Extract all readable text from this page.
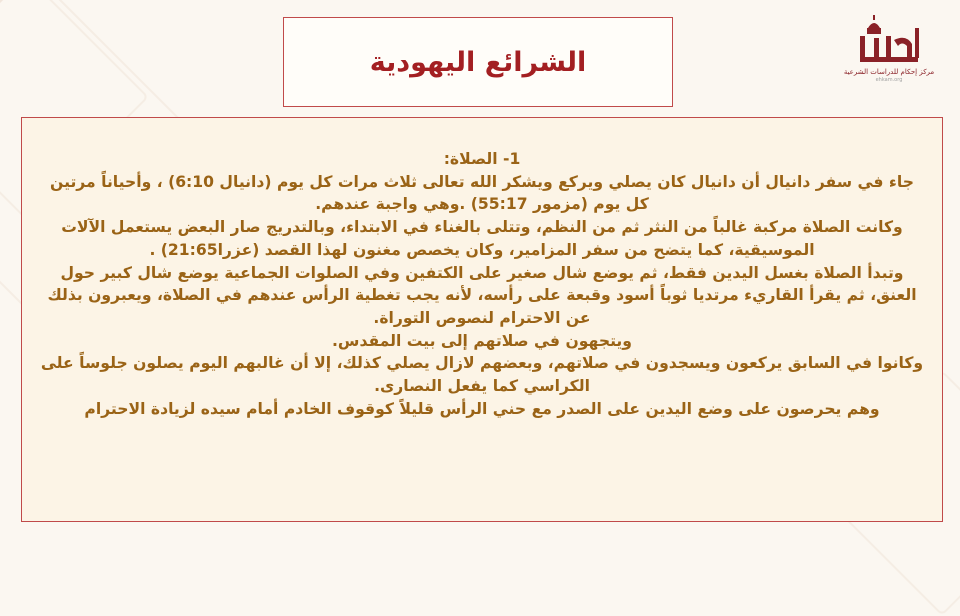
الشرائع اليهودية	مركز إحكام للدراسات الشرعية
ehkam.org

1- الصلاة:

جاء في سفر دانيال أن دانيال كان يصلي ويركع ويشكر الله تعالى ثلاث مرات كل يوم (دانيال 6:10) ، وأحياناً مرتين كل يوم (مزمور 55:17) .وهي واجبة عندهم.

وكانت الصلاة مركبة غالباً من النثر ثم من النظم، وتتلى بالغناء في الابتداء، وبالتدريج صار البعض يستعمل الآلات الموسيقية، كما يتضح من سفر المزامير، وكان يخصص مغنون لهذا القصد (عزرا21:65) .

وتبدأ الصلاة بغسل اليدين فقط، ثم يوضع شال صغير على الكتفين وفي الصلوات الجماعية يوضع شال كبير حول العنق، ثم يقرأ القاريء مرتديا ثوباً أسود وقبعة على رأسه، لأنه يجب تغطية الرأس عندهم في الصلاة، ويعبرون بذلك عن الاحترام لنصوص التوراة.

ويتجهون في صلاتهم إلى بيت المقدس.

وكانوا في السابق يركعون ويسجدون في صلاتهم، وبعضهم لازال يصلي كذلك، إلا أن غالبهم اليوم يصلون جلوساً على الكراسي كما يفعل النصارى.

وهم يحرصون على وضع اليدين على الصدر مع حني الرأس قليلاً كوقوف الخادم أمام سيده لزيادة الاحترام
